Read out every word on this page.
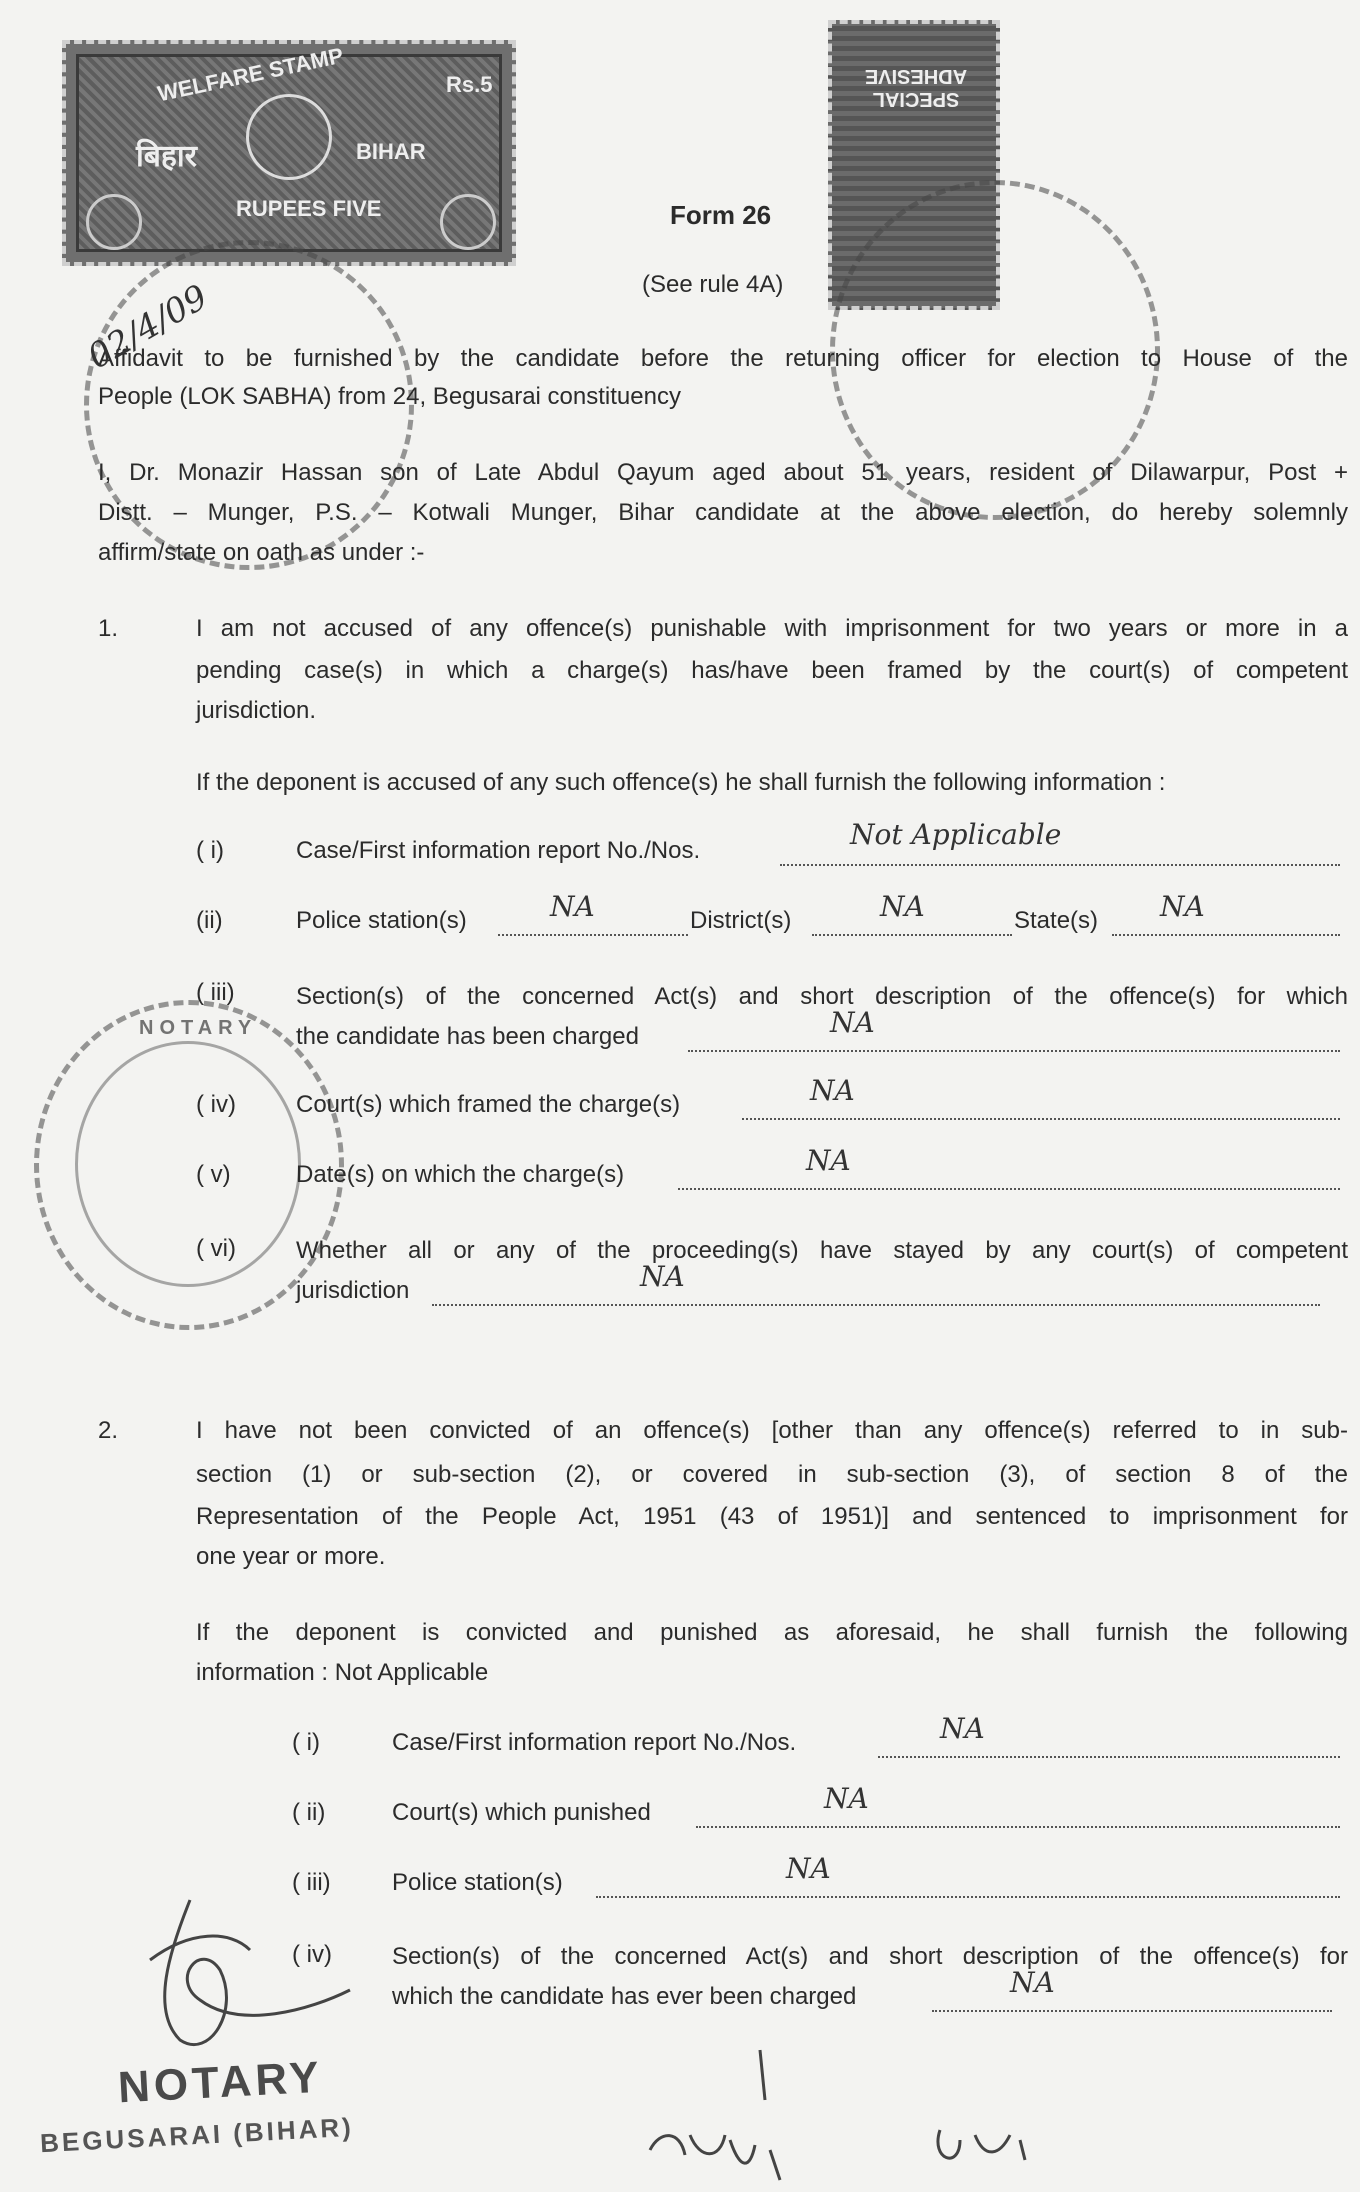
WELFARE STAMP	Rs.5
बिहार	BIHAR
RUPEES FIVE
SPECIAL ADHESIVE
NOTARY
Form 26
(See rule 4A)
Affidavit to be furnished by the candidate before the returning officer for election to House of the
People (LOK SABHA) from 24, Begusarai constituency
I, Dr. Monazir Hassan son of Late Abdul Qayum aged about 51 years, resident of Dilawarpur, Post +
Distt. – Munger, P.S. – Kotwali Munger, Bihar candidate at the above election, do hereby solemnly
affirm/state on oath as under :-
1.	I am not accused of any offence(s) punishable with imprisonment for two years or more in a
pending case(s) in which a charge(s) has/have been framed by the court(s) of competent
jurisdiction.
If the deponent is accused of any such offence(s) he shall furnish the following information :
( i)	Case/First information report No./Nos.	Not Applicable
(ii)	Police station(s)	NA	District(s)	NA	State(s) NA
( iii)	Section(s) of the concerned Act(s) and short description of the offence(s) for which
the candidate has been charged	NA
( iv)	Court(s) which framed the charge(s)	NA
( v)	Date(s) on which the charge(s)	NA
( vi)	Whether all or any of the proceeding(s) have stayed by any court(s) of competent
jurisdiction	NA
2.	I have not been convicted of an offence(s) [other than any offence(s) referred to in sub-
section (1) or sub-section (2), or covered in sub-section (3), of section 8 of the
Representation of the People Act, 1951 (43 of 1951)] and sentenced to imprisonment for
one year or more.
If the deponent is convicted and punished as aforesaid, he shall furnish the following
information : Not Applicable
( i)	Case/First information report No./Nos.	NA
( ii)	Court(s) which punished	NA
( iii)	Police station(s)	NA
( iv)	Section(s) of the concerned Act(s) and short description of the offence(s) for
which the candidate has ever been charged	NA
02/4/09
NOTARY
BEGUSARAI (BIHAR)
